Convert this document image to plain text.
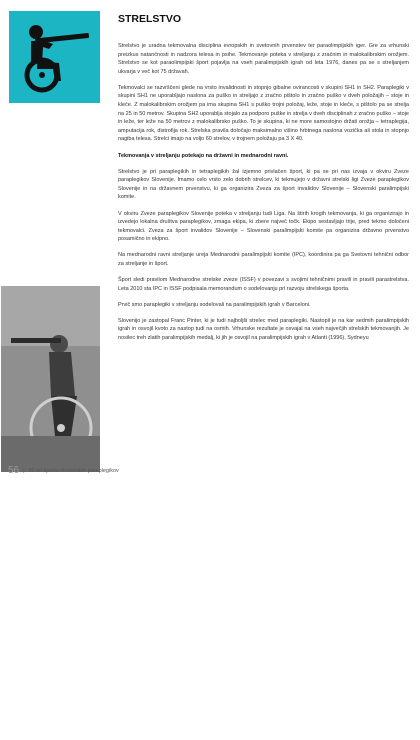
STRELSTVO

Strelstvo je uradna tekmovalna disciplina evropskih in svetovnih prvenstev ter paraolimpijskih iger. Gre za vrhunski preizkus natančnosti in nadzora telesa in psihe. Tekmovanje poteka v streljanju z zračnim in malokalibrskim orožjem. Strelstvo se kot paraolimpijski šport pojavlja na vseh paralimpijskih igrah od leta 1976, danes pa se s streljanjem ukvarja v več kot 75 državah.

Tekmovalci se razvrščeni glede na vrsto invalidnosti in stopnjo gibalne ovirancosti v skupini SH1 in SH2. Paraplegiki v skupini SH1 ne uporabljajo naslona za puško in streljajo z zračno pištolo in zračno puško v dveh položajih – stoje in kleče. Z malokalibrskim orožjem pa ima skupina SH1 s puško trojni položaj, leže, stoje in kleče, s pištolo pa se strelja na 25 in 50 metrov. Skupina SH2 uporablja stojalo za podporo puške in strelja v dveh disciplinah z zračno puško – stoje in leže, ter leže na 50 metrov z malokalibrsko puško. To je skupina, ki ne more samostojno držati orožja – tetraplegija, amputacija rok, distrofija rok. Strelska pravila določajo maksimalno višino hrbtnega naslona vozička ali stola in stopnjo nagiba telesa. Strelci imajo na voljo 60 strelov, v trojnem položaju pa 3 X 40.

Tekmovanja v streljanju potekajo na državni in mednarodni ravni.

Strelstvo je pri paraplegikih in tetraplegikih žal izjemno privlačen šport, ki pa se pri nas izvaja v okviru Zveze paraplegikov Slovenije. Imamo celo vrsto zelo dobrih strelcev, ki tekmujejo v državni strelski ligi Zveze paraplegikov Slovenije in na državnem prvenstvu, ki ga organizira Zveza za šport invalidov Slovenije – Slovenski paralimpijski komite.

V okviru Zveze paraplegikov Slovenije poteka v streljanju tudi Liga. Na štirih krogih tekmovanja, ki ga organizirajo in izvedejo lokalna društva paraplegikov, zmaga ekipa, ki zbere največ točk. Ekipo sestavljajo trije, pred tekmo določeni tekmovalci. Zveza za šport invalidov Slovenije – Slovenski paralimpijski komite pa organizira državno prvenstvo posamično in ekipno.

Na mednarodni ravni streljanje ureja Mednarodni paralimpijski komite (IPC), koordinira pa ga Svetovni tehnični odbor za streljanje in šport.

Šport sledi pravilom Mednarodne strelske zveze (ISSF) v povezavi s svojimi tehničnimi pravili in pravili parastrelstva. Leta 2010 sta IPC in ISSF podpisala memorandum o sodelovanju pri razvoju strelskega športa.

Prvič smo paraplegiki v streljanju sodelovali na paralimpijskih igrah v Barceloni.

Slovenijo je zastopal Franc Pinter, ki je tudi najboljši strelec med paraplegiki. Nastopil je na kar sedmih paralimpijskih igrah in osvojil kvoto za nastop tudi na osmih. Vrhunske rezultate je osvajal na vseh največjih strelskih tekmovanjih. Je nosilec treh zlatih paralimpijskih medalj, ki jih je osvojil na paralimpijskih igrah v Atlanti (1996), Sydneyu

Ostro oko in mirna roka strelca s pištolo
56 | 50 let športa slovenskih paraplegikov
